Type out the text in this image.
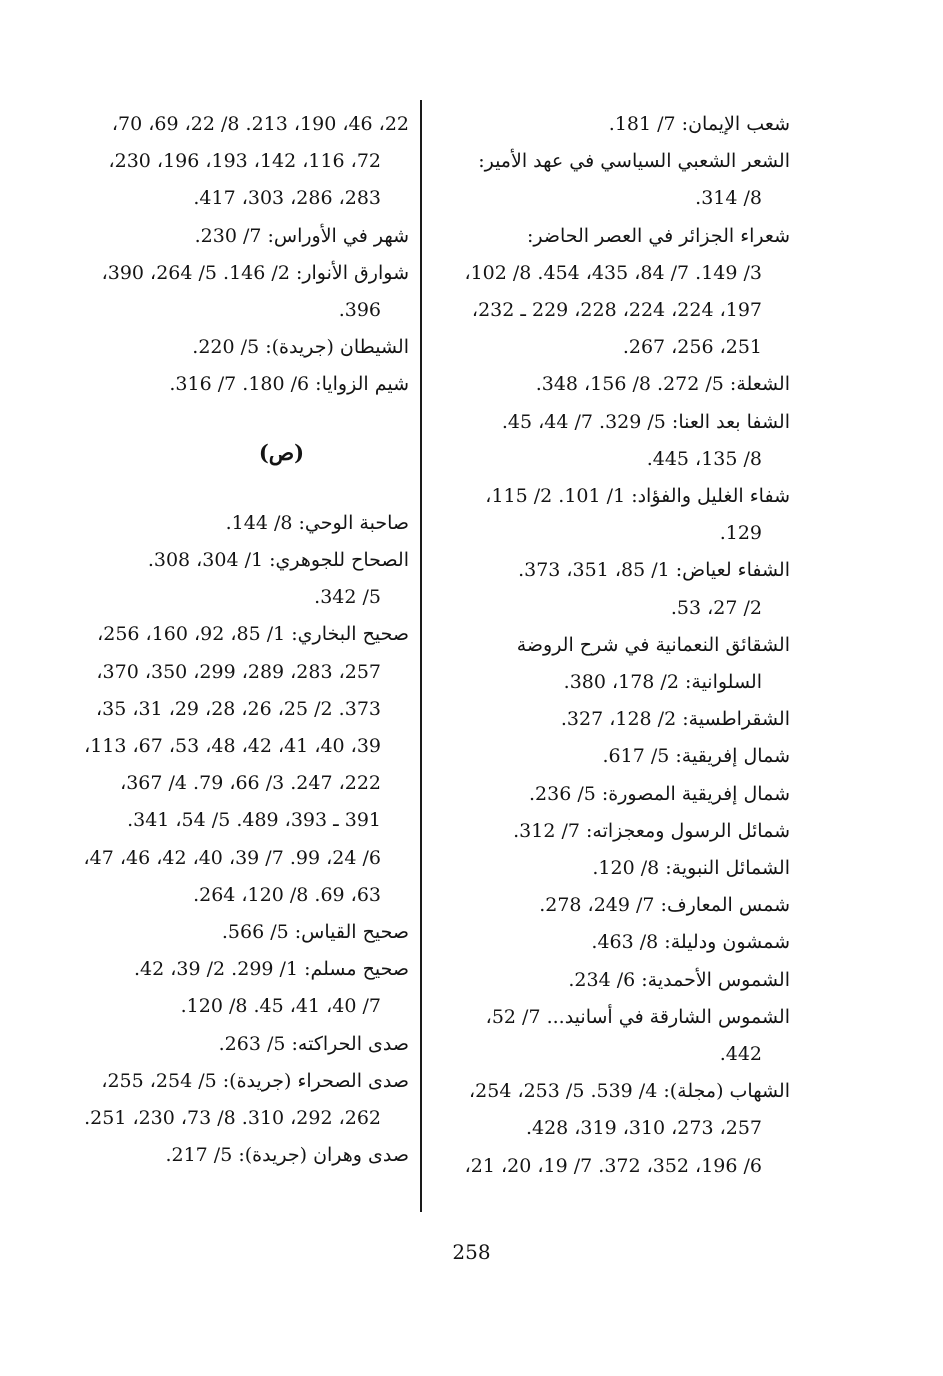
شعب الإيمان: 7/ 181.
الشعر الشعبي السياسي في عهد الأمير:
8/ 314.
شعراء الجزائر في العصر الحاضر:
3/ 149. 7/ 84، 435، 454. 8/ 102،
197، 224، 224، 228، 229 ـ 232،
251، 256، 267.
الشعلة: 5/ 272. 8/ 156، 348.
الشفا بعد العنا: 5/ 329. 7/ 44، 45.
8/ 135، 445.
شفاء الغليل والفؤاد: 1/ 101. 2/ 115،
129.
الشفاء لعياض: 1/ 85، 351، 373.
2/ 27، 53.
الشقائق النعمانية في شرح الروضة
السلوانية: 2/ 178، 380.
الشقراطسية: 2/ 128، 327.
شمال إفريقية: 5/ 617.
شمال إفريقية المصورة: 5/ 236.
شمائل الرسول ومعجزاته: 7/ 312.
الشمائل النبوية: 8/ 120.
شمس المعارف: 7/ 249، 278.
شمشون ودليلة: 8/ 463.
الشموس الأحمدية: 6/ 234.
الشموس الشارقة في أسانيد... 7/ 52،
442.
الشهاب (مجلة): 4/ 539. 5/ 253، 254،
257، 273، 310، 319، 428.
6/ 196، 352، 372. 7/ 19، 20، 21،
22، 46، 190، 213. 8/ 22، 69، 70،
72، 116، 142، 193، 196، 230،
283، 286، 303، 417.
شهر في الأوراس: 7/ 230.
شوارق الأنوار: 2/ 146. 5/ 264، 390،
396.
الشيطان (جريدة): 5/ 220.
شيم الزوايا: 6/ 180. 7/ 316.
(ص)
صاحبة الوحي: 8/ 144.
الصحاح للجوهري: 1/ 304، 308.
5/ 342.
صحيح البخاري: 1/ 85، 92، 160، 256،
257، 283، 289، 299، 350، 370،
373. 2/ 25، 26، 28، 29، 31، 35،
39، 40، 41، 42، 48، 53، 67، 113،
222، 247. 3/ 66، 79. 4/ 367،
391 ـ 393، 489. 5/ 54، 341.
6/ 24، 99. 7/ 39، 40، 42، 46، 47،
63، 69. 8/ 120، 264.
صحيح القياس: 5/ 566.
صحيح مسلم: 1/ 299. 2/ 39، 42.
7/ 40، 41، 45. 8/ 120.
صدى الحراكته: 5/ 263.
صدى الصحراء (جريدة): 5/ 254، 255،
262، 292، 310. 8/ 73، 230، 251.
صدى وهران (جريدة): 5/ 217.
258
